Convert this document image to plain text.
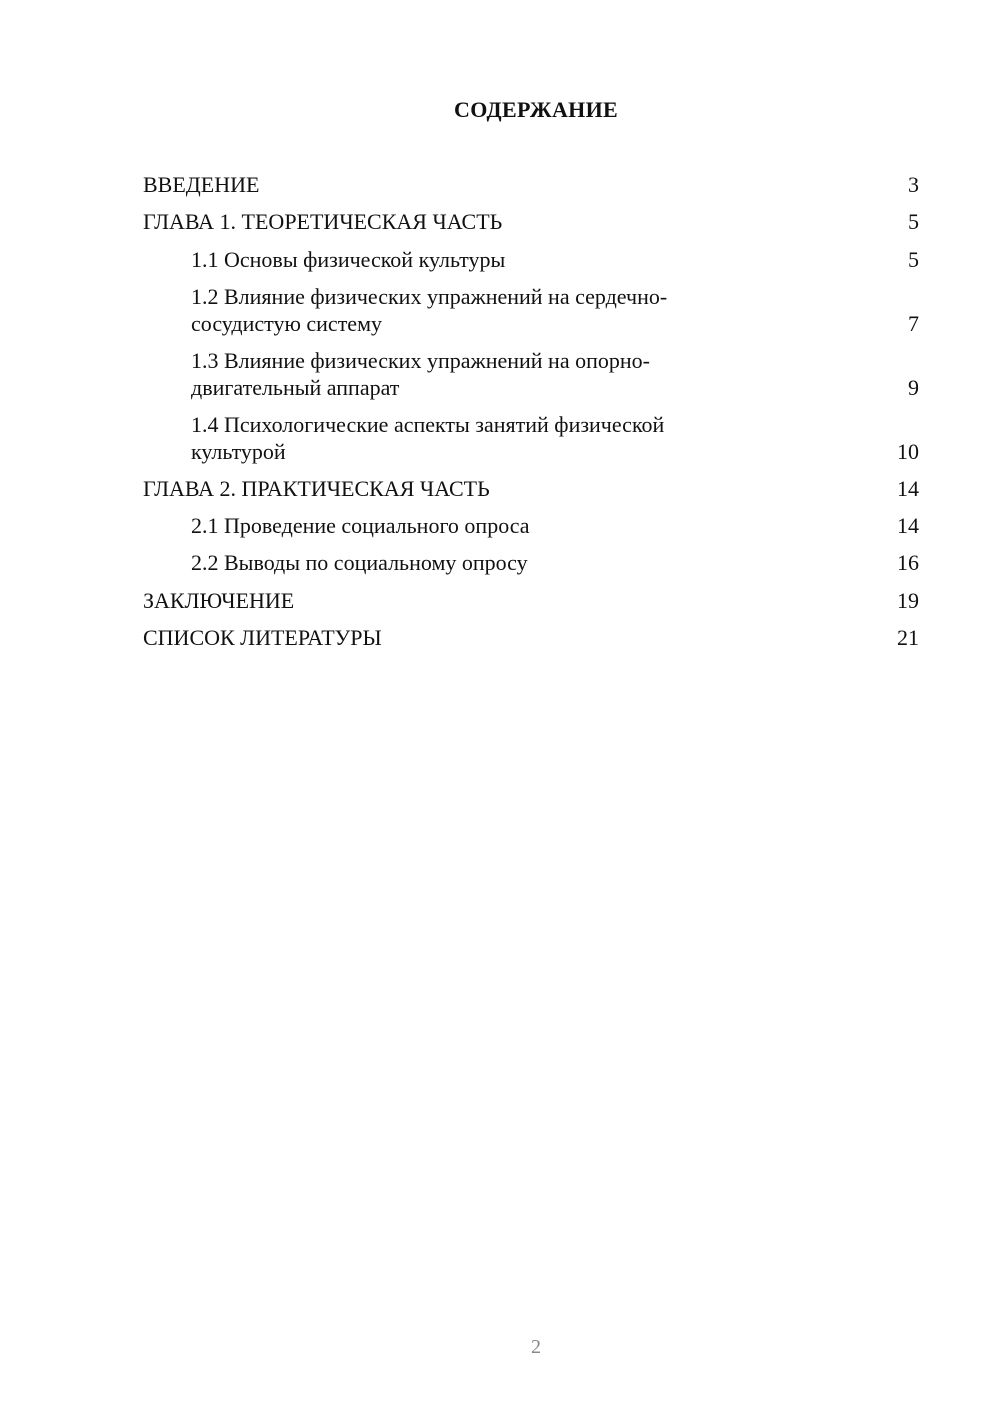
СОДЕРЖАНИЕ
ВВЕДЕНИЕ	3
ГЛАВА 1. ТЕОРЕТИЧЕСКАЯ ЧАСТЬ	5
1.1 Основы физической культуры	5
1.2 Влияние физических упражнений на сердечно-сосудистую систему	7
1.3 Влияние физических упражнений на опорно-двигательный аппарат	9
1.4 Психологические аспекты занятий физической культурой	10
ГЛАВА 2. ПРАКТИЧЕСКАЯ ЧАСТЬ	14
2.1 Проведение социального опроса	14
2.2 Выводы по социальному опросу	16
ЗАКЛЮЧЕНИЕ	19
СПИСОК ЛИТЕРАТУРЫ	21
2
